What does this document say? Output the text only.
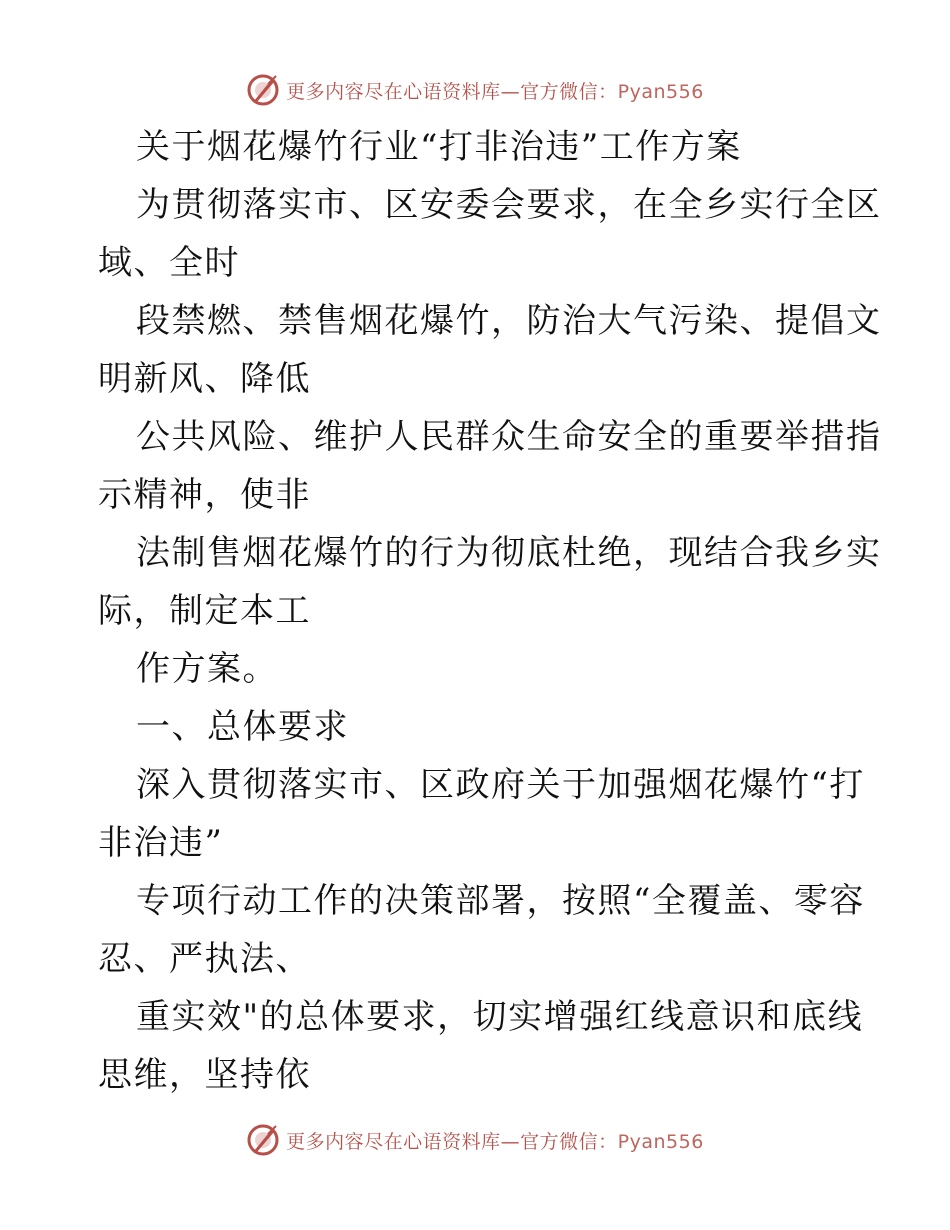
更多内容尽在心语资料库—官方微信：Pyan556

关于烟花爆竹行业“打非治违”工作方案

为贯彻落实市、区安委会要求，在全乡实行全区

域、全时

段禁燃、禁售烟花爆竹，防治大气污染、提倡文

明新风、降低

公共风险、维护人民群众生命安全的重要举措指

示精神，使非

法制售烟花爆竹的行为彻底杜绝，现结合我乡实

际，制定本工

作方案。

一、总体要求

深入贯彻落实市、区政府关于加强烟花爆竹“打

非治违”

专项行动工作的决策部署，按照“全覆盖、零容

忍、严执法、

重实效"的总体要求，切实增强红线意识和底线

思维，坚持依

更多内容尽在心语资料库—官方微信：Pyan556
